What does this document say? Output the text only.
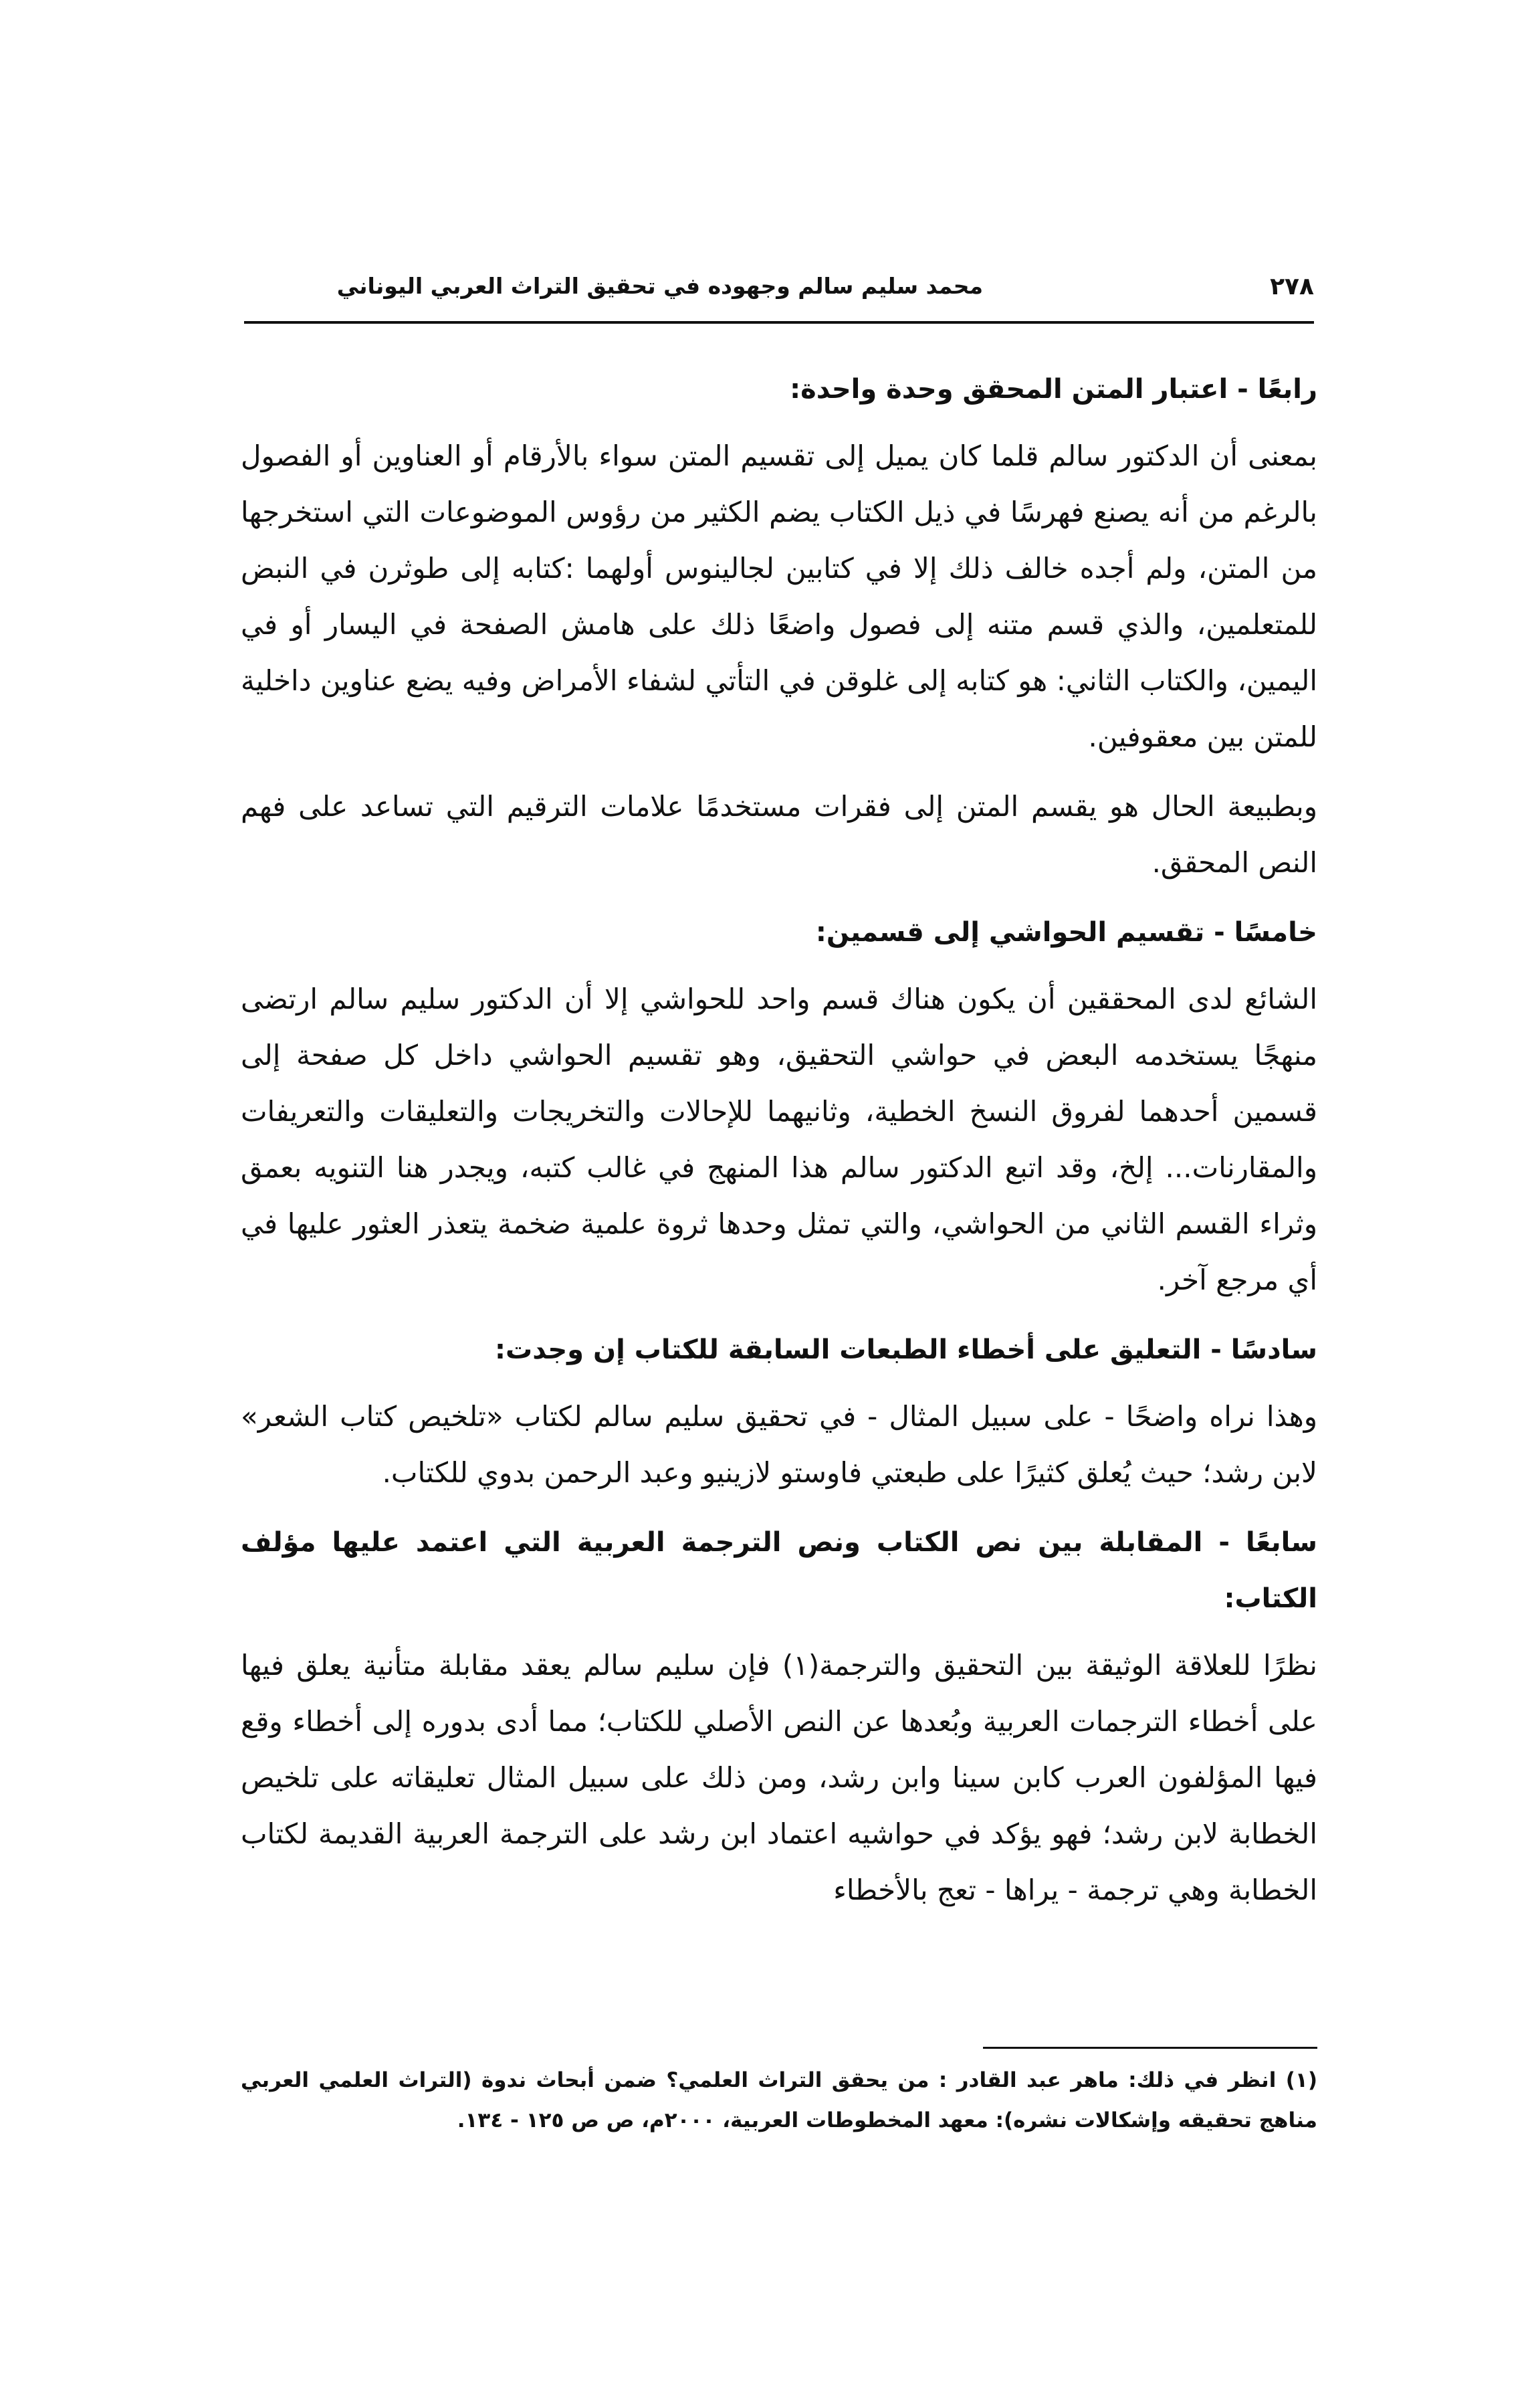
٢٧٨
محمد سليم سالم وجهوده في تحقيق التراث العربي اليوناني
رابعًا - اعتبار المتن المحقق وحدة واحدة:

بمعنى أن الدكتور سالم قلما كان يميل إلى تقسيم المتن سواء بالأرقام أو العناوين أو الفصول بالرغم من أنه يصنع فهرسًا في ذيل الكتاب يضم الكثير من رؤوس الموضوعات التي استخرجها من المتن، ولم أجده خالف ذلك إلا في كتابين لجالينوس أولهما :كتابه إلى طوثرن في النبض للمتعلمين، والذي قسم متنه إلى فصول واضعًا ذلك على هامش الصفحة في اليسار أو في اليمين، والكتاب الثاني: هو كتابه إلى غلوقن في التأتي لشفاء الأمراض وفيه يضع عناوين داخلية للمتن بين معقوفين.

وبطبيعة الحال هو يقسم المتن إلى فقرات مستخدمًا علامات الترقيم التي تساعد على فهم النص المحقق.

خامسًا - تقسيم الحواشي إلى قسمين:

الشائع لدى المحققين أن يكون هناك قسم واحد للحواشي إلا أن الدكتور سليم سالم ارتضى منهجًا يستخدمه البعض في حواشي التحقيق، وهو تقسيم الحواشي داخل كل صفحة إلى قسمين أحدهما لفروق النسخ الخطية، وثانيهما للإحالات والتخريجات والتعليقات والتعريفات والمقارنات... إلخ، وقد اتبع الدكتور سالم هذا المنهج في غالب كتبه، ويجدر هنا التنويه بعمق وثراء القسم الثاني من الحواشي، والتي تمثل وحدها ثروة علمية ضخمة يتعذر العثور عليها في أي مرجع آخر.

سادسًا - التعليق على أخطاء الطبعات السابقة للكتاب إن وجدت:

وهذا نراه واضحًا - على سبيل المثال - في تحقيق سليم سالم لكتاب «تلخيص كتاب الشعر» لابن رشد؛ حيث يُعلق كثيرًا على طبعتي فاوستو لازينيو وعبد الرحمن بدوي للكتاب.

سابعًا - المقابلة بين نص الكتاب ونص الترجمة العربية التي اعتمد عليها مؤلف الكتاب:

نظرًا للعلاقة الوثيقة بين التحقيق والترجمة(١) فإن سليم سالم يعقد مقابلة متأنية يعلق فيها على أخطاء الترجمات العربية وبُعدها عن النص الأصلي للكتاب؛ مما أدى بدوره إلى أخطاء وقع فيها المؤلفون العرب كابن سينا وابن رشد، ومن ذلك على سبيل المثال تعليقاته على تلخيص الخطابة لابن رشد؛ فهو يؤكد في حواشيه اعتماد ابن رشد على الترجمة العربية القديمة لكتاب الخطابة وهي ترجمة - يراها - تعج بالأخطاء

(١) انظر في ذلك: ماهر عبد القادر : من يحقق التراث العلمي؟ ضمن أبحاث ندوة (التراث العلمي العربي مناهج تحقيقه وإشكالات نشره): معهد المخطوطات العربية، ٢٠٠٠م، ص ص ١٢٥ - ١٣٤.
